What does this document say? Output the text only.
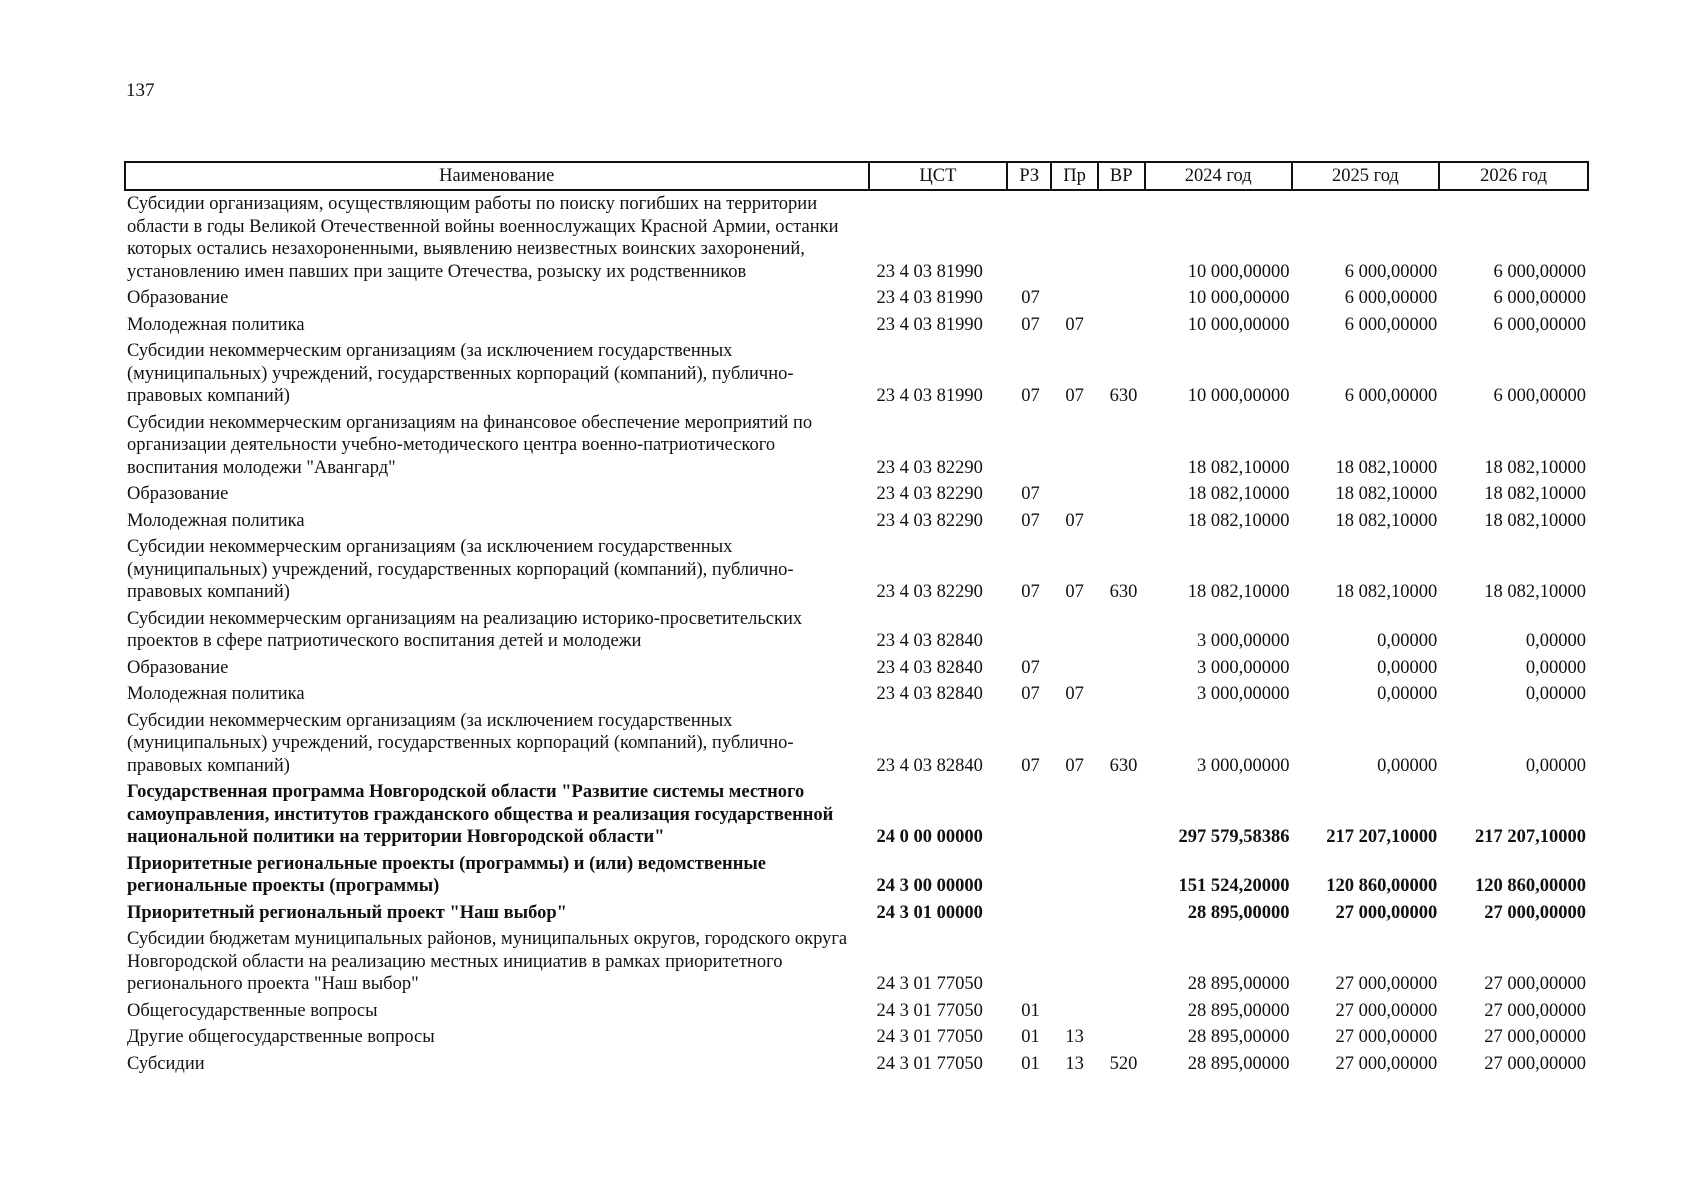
137
Наименование	ЦСТ	РЗ	Пр	ВР	2024 год	2025 год	2026 год
Субсидии организациям, осуществляющим работы по поиску погибших на территории области в годы Великой Отечественной войны военнослужащих Красной Армии, останки которых остались незахороненными, выявлению неизвестных воинских захоронений, установлению имен павших при защите Отечества, розыску их родственников	23 4 03 81990				10 000,00000	6 000,00000	6 000,00000
Образование	23 4 03 81990	07			10 000,00000	6 000,00000	6 000,00000
Молодежная политика	23 4 03 81990	07	07		10 000,00000	6 000,00000	6 000,00000
Субсидии некоммерческим организациям (за исключением государственных (муниципальных) учреждений, государственных корпораций (компаний), публично-правовых компаний)	23 4 03 81990	07	07	630	10 000,00000	6 000,00000	6 000,00000
Субсидии некоммерческим организациям на финансовое обеспечение мероприятий по организации деятельности учебно-методического центра военно-патриотического воспитания молодежи "Авангард"	23 4 03 82290				18 082,10000	18 082,10000	18 082,10000
Образование	23 4 03 82290	07			18 082,10000	18 082,10000	18 082,10000
Молодежная политика	23 4 03 82290	07	07		18 082,10000	18 082,10000	18 082,10000
Субсидии некоммерческим организациям (за исключением государственных (муниципальных) учреждений, государственных корпораций (компаний), публично-правовых компаний)	23 4 03 82290	07	07	630	18 082,10000	18 082,10000	18 082,10000
Субсидии некоммерческим организациям на реализацию историко-просветительских проектов в сфере патриотического воспитания детей и молодежи	23 4 03 82840				3 000,00000	0,00000	0,00000
Образование	23 4 03 82840	07			3 000,00000	0,00000	0,00000
Молодежная политика	23 4 03 82840	07	07		3 000,00000	0,00000	0,00000
Субсидии некоммерческим организациям (за исключением государственных (муниципальных) учреждений, государственных корпораций (компаний), публично-правовых компаний)	23 4 03 82840	07	07	630	3 000,00000	0,00000	0,00000
Государственная программа Новгородской области "Развитие системы местного самоуправления, институтов гражданского общества и реализация государственной национальной политики на территории Новгородской области"	24 0 00 00000				297 579,58386	217 207,10000	217 207,10000
Приоритетные региональные проекты (программы) и (или) ведомственные региональные проекты (программы)	24 3 00 00000				151 524,20000	120 860,00000	120 860,00000
Приоритетный региональный проект "Наш выбор"	24 3 01 00000				28 895,00000	27 000,00000	27 000,00000
Субсидии бюджетам муниципальных районов, муниципальных округов, городского округа Новгородской области на реализацию местных инициатив в рамках приоритетного регионального проекта "Наш выбор"	24 3 01 77050				28 895,00000	27 000,00000	27 000,00000
Общегосударственные вопросы	24 3 01 77050	01			28 895,00000	27 000,00000	27 000,00000
Другие общегосударственные вопросы	24 3 01 77050	01	13		28 895,00000	27 000,00000	27 000,00000
Субсидии	24 3 01 77050	01	13	520	28 895,00000	27 000,00000	27 000,00000
